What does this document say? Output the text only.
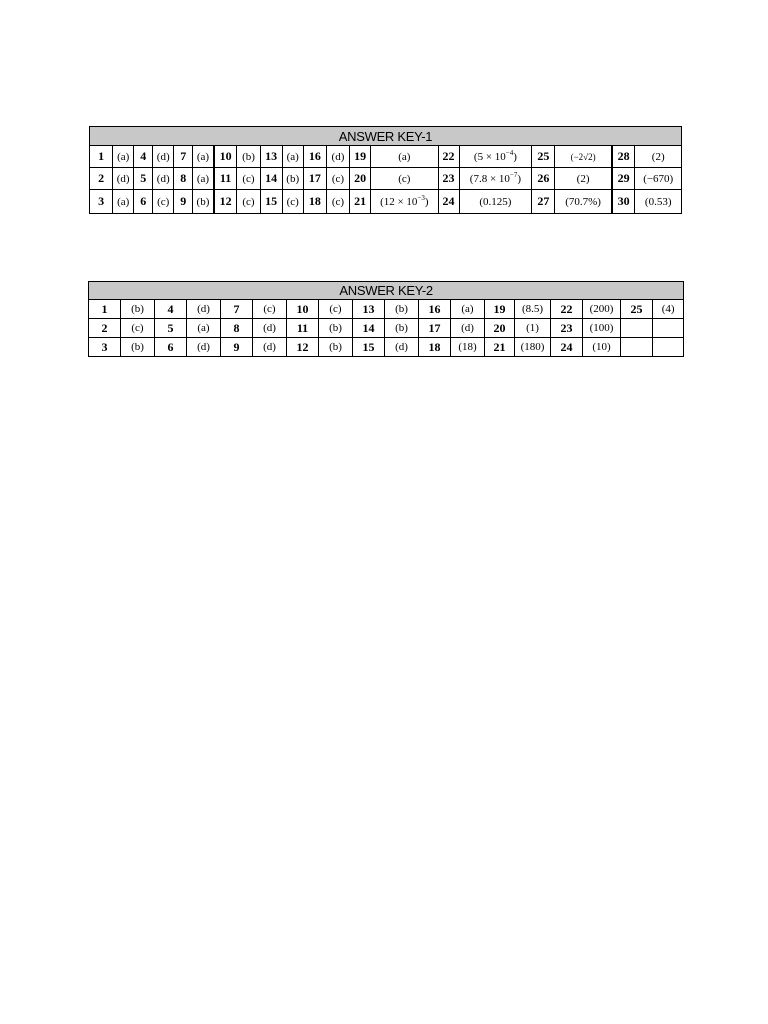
ANSWER KEY-1																			
1	(a)	4	(d)	7	(a)	10	(b)	13	(a)	16	(d)	19	(a)	22	$(5 \times 10^{-4})$	25	(−2√2)	28	(2)
2	(d)	5	(d)	8	(a)	11	(c)	14	(b)	17	(c)	20	(c)	23	$(7.8 \times 10^{-7})$	26	(2)	29	(−670)
3	(a)	6	(c)	9	(b)	12	(c)	15	(c)	18	(c)	21	$(12 \times 10^{-3})$	24	(0.125)	27	(70.7%)	30	(0.53)
ANSWER KEY-2																	
1	(b)	4	(d)	7	(c)	10	(c)	13	(b)	16	(a)	19	(8.5)	22	(200)	25	(4)
2	(c)	5	(a)	8	(d)	11	(b)	14	(b)	17	(d)	20	(1)	23	(100)		
3	(b)	6	(d)	9	(d)	12	(b)	15	(d)	18	(18)	21	(180)	24	(10)		
